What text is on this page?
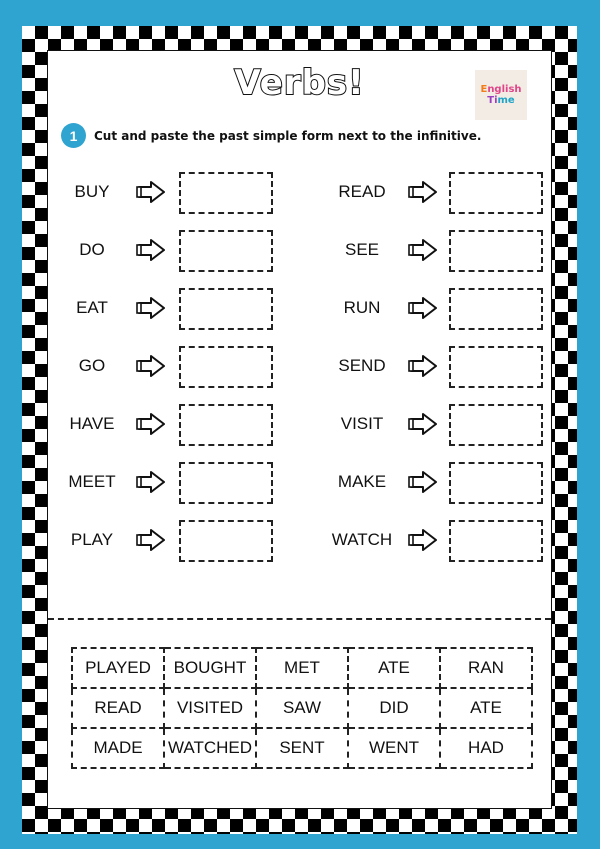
Verbs!	English
Time
1	Cut and paste the past simple form next to the infinitive.
BUY
DO
EAT
GO
HAVE
MEET
PLAY
READ
SEE
RUN
SEND
VISIT
MAKE
WATCH
PLAYED	BOUGHT	MET	ATE	RAN
READ	VISITED	SAW	DID	ATE
MADE	WATCHED	SENT	WENT	HAD
